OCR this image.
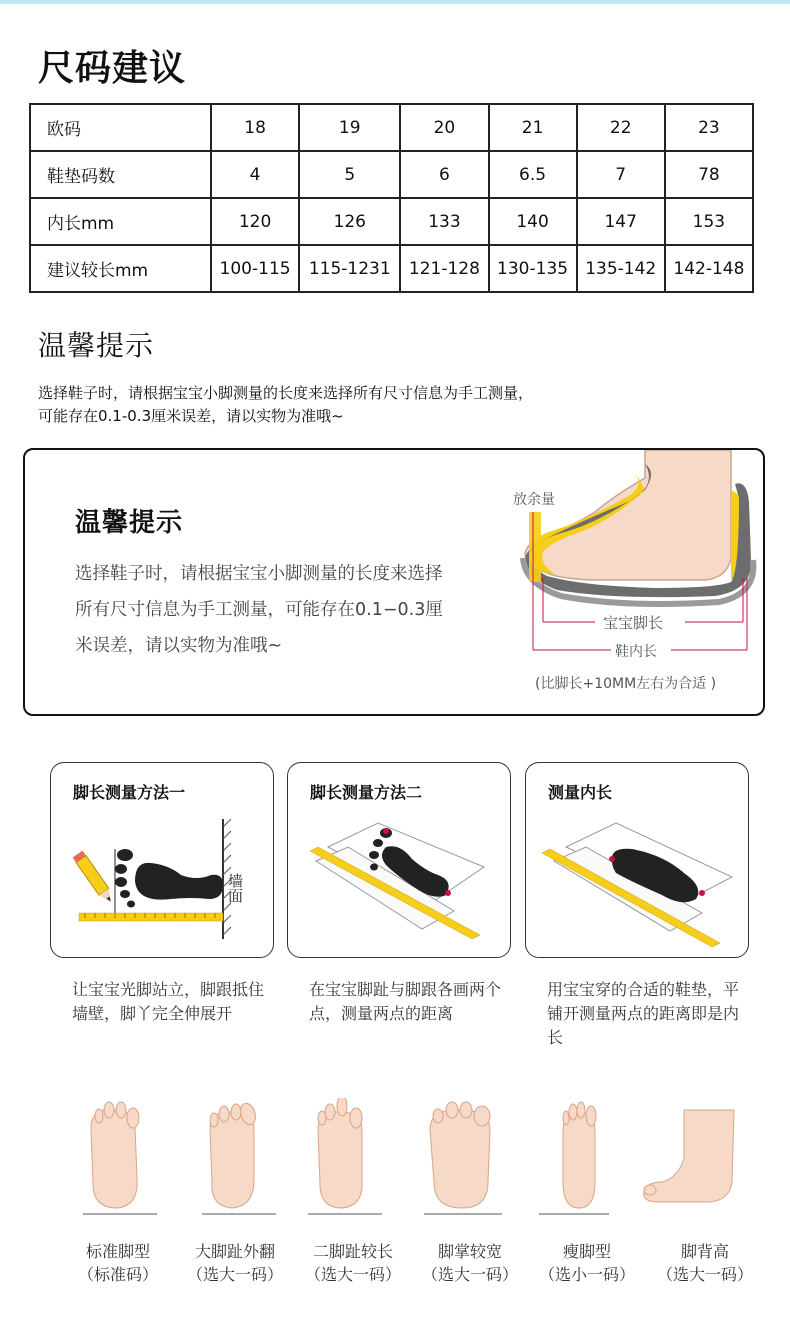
尺码建议
欧码	18	19	20	21	22	23
鞋垫码数	4	5	6	6.5	7	78
内长mm	120	126	133	140	147	153
建议较长mm	100-115	115-1231	121-128	130-135	135-142	142-148
温馨提示
选择鞋子时，请根据宝宝小脚测量的长度来选择所有尺寸信息为手工测量，
可能存在0.1-0.3厘米误差，请以实物为准哦~
温馨提示
选择鞋子时，请根据宝宝小脚测量的长度来选择所有尺寸信息为手工测量，可能存在0.1−0.3厘米误差，请以实物为准哦~
放余量
宝宝脚长
鞋内长
(比脚长+10MM左右为合适 )
脚长测量方法一
墙面
脚长测量方法二	测量内长
让宝宝光脚站立，脚跟抵住墙壁，脚丫完全伸展开
在宝宝脚趾与脚跟各画两个点，测量两点的距离
用宝宝穿的合适的鞋垫，平铺开测量两点的距离即是内长
标准脚型
（标准码）
大脚趾外翻
（选大一码）
二脚趾较长
（选大一码）
脚掌较宽
（选大一码）
瘦脚型
（选小一码）
脚背高
（选大一码）
